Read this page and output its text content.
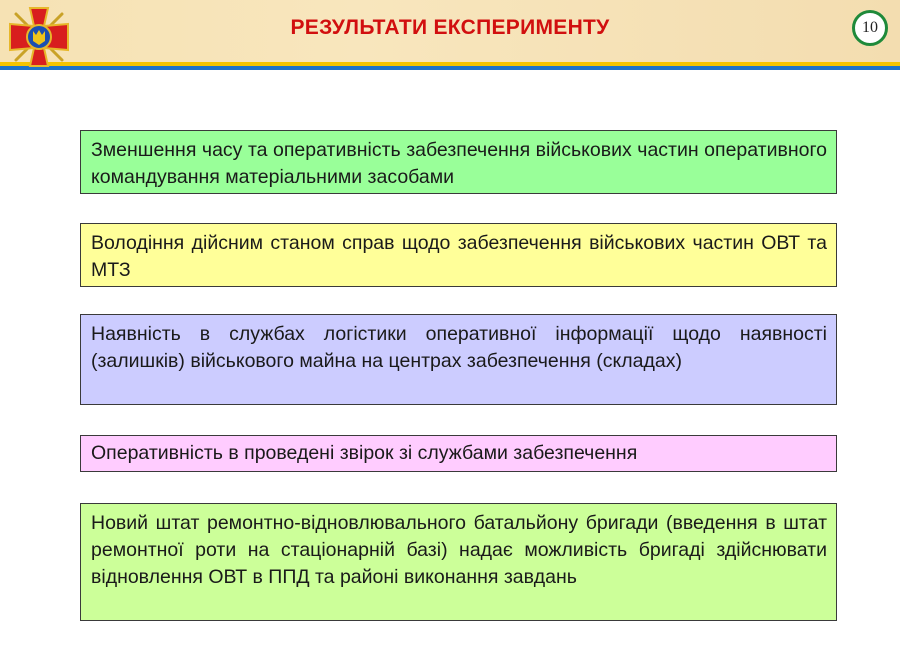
РЕЗУЛЬТАТИ ЕКСПЕРИМЕНТУ	10
Зменшення часу та оперативність забезпечення військових частин оперативного командування матеріальними засобами
Володіння дійсним станом справ щодо забезпечення військових частин ОВТ та МТЗ
Наявність в службах логістики оперативної інформації щодо наявності (залишків) військового майна на центрах забезпечення (складах)
Оперативність в проведені звірок зі службами забезпечення
Новий штат ремонтно-відновлювального батальйону бригади (введення в штат ремонтної роти на стаціонарній базі) надає можливість бригаді здійснювати відновлення ОВТ в ППД та районі виконання завдань
